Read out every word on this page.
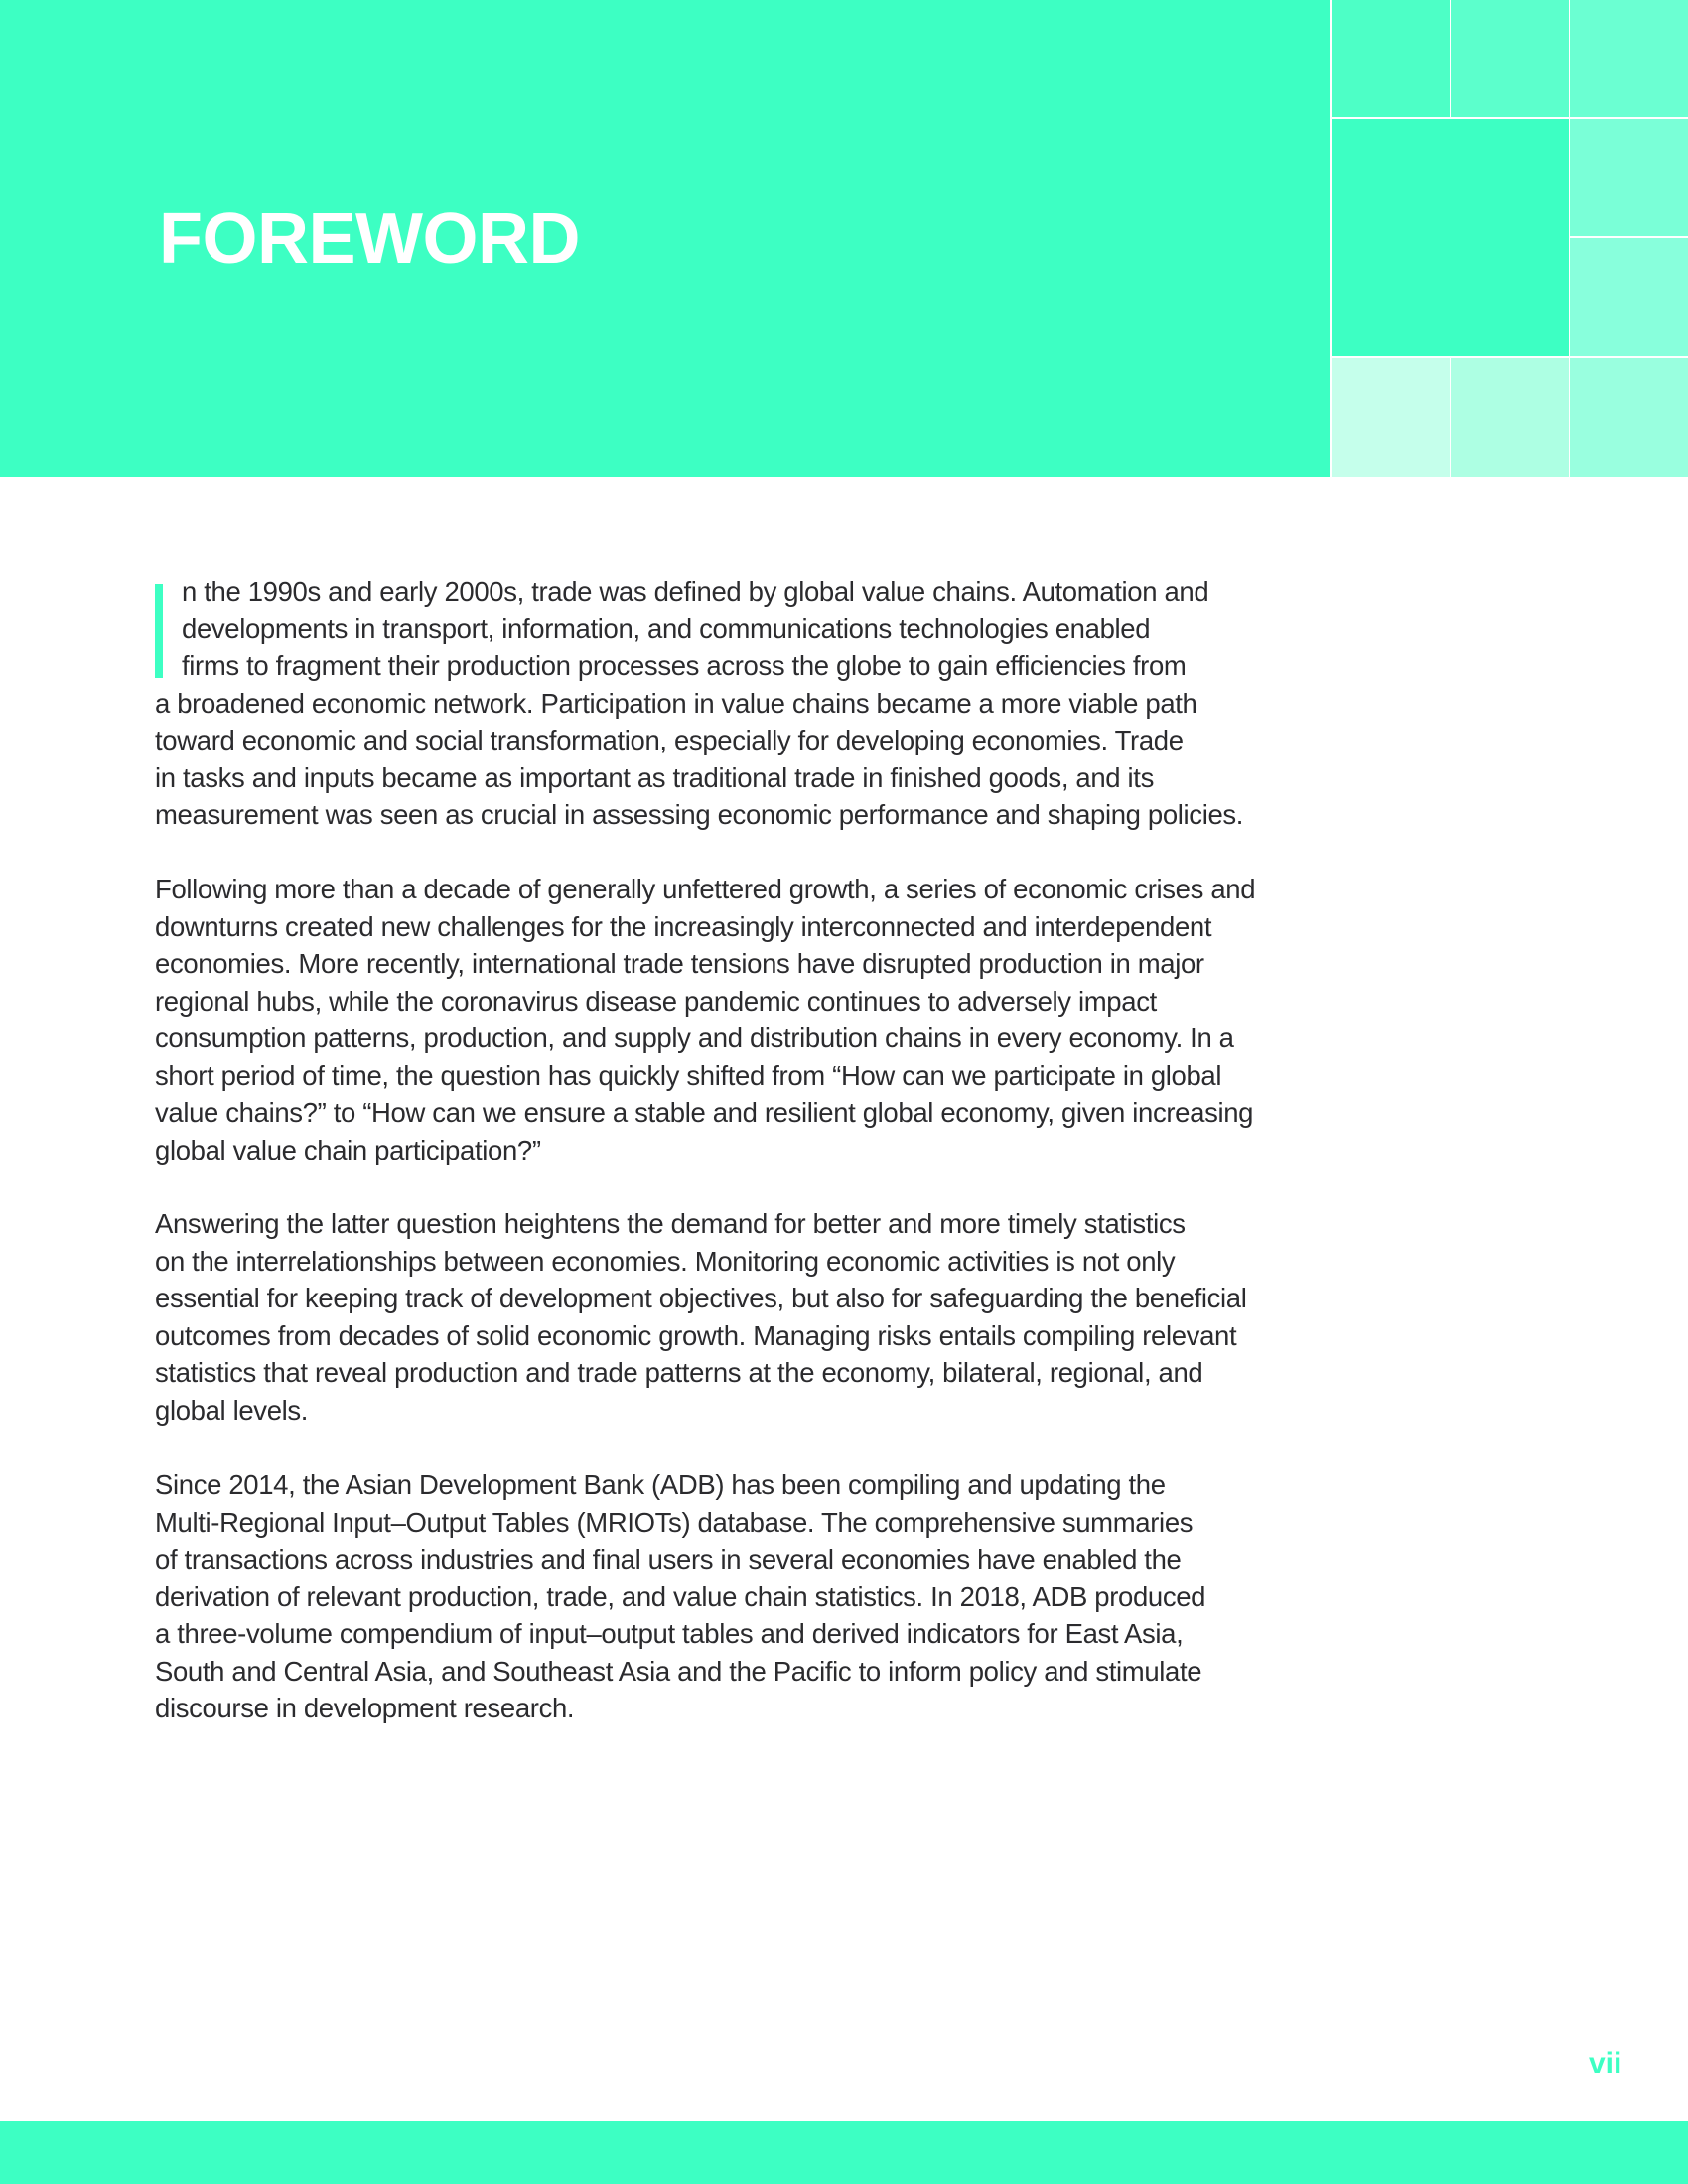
FOREWORD
n the 1990s and early 2000s, trade was defined by global value chains. Automation and
developments in transport, information, and communications technologies enabled
firms to fragment their production processes across the globe to gain efficiencies from
a broadened economic network. Participation in value chains became a more viable path
toward economic and social transformation, especially for developing economies. Trade
in tasks and inputs became as important as traditional trade in finished goods, and its
measurement was seen as crucial in assessing economic performance and shaping policies.
Following more than a decade of generally unfettered growth, a series of economic crises and
downturns created new challenges for the increasingly interconnected and interdependent
economies. More recently, international trade tensions have disrupted production in major
regional hubs, while the coronavirus disease pandemic continues to adversely impact
consumption patterns, production, and supply and distribution chains in every economy. In a
short period of time, the question has quickly shifted from “How can we participate in global
value chains?” to “How can we ensure a stable and resilient global economy, given increasing
global value chain participation?”
Answering the latter question heightens the demand for better and more timely statistics
on the interrelationships between economies. Monitoring economic activities is not only
essential for keeping track of development objectives, but also for safeguarding the beneficial
outcomes from decades of solid economic growth. Managing risks entails compiling relevant
statistics that reveal production and trade patterns at the economy, bilateral, regional, and
global levels.
Since 2014, the Asian Development Bank (ADB) has been compiling and updating the
Multi-Regional Input–Output Tables (MRIOTs) database. The comprehensive summaries
of transactions across industries and final users in several economies have enabled the
derivation of relevant production, trade, and value chain statistics. In 2018, ADB produced
a three-volume compendium of input–output tables and derived indicators for East Asia,
South and Central Asia, and Southeast Asia and the Pacific to inform policy and stimulate
discourse in development research.
vii
